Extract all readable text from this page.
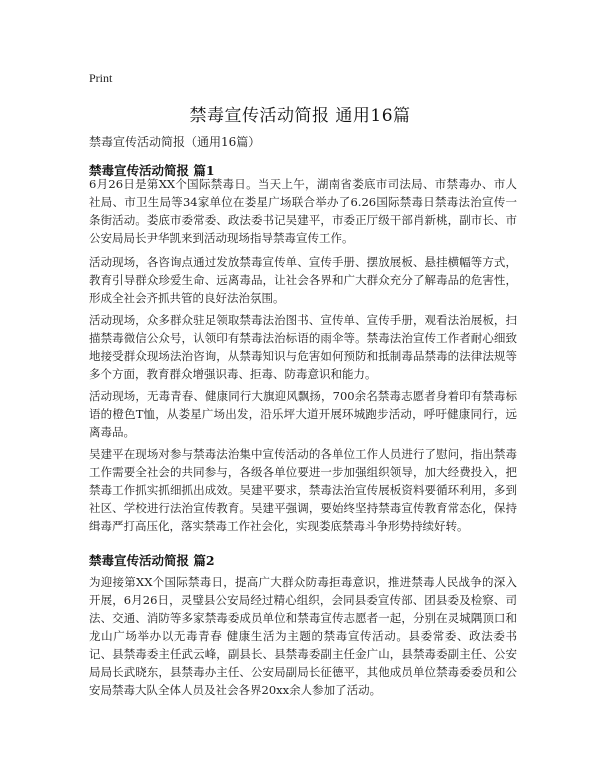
Print
禁毒宣传活动简报 通用16篇
禁毒宣传活动简报（通用16篇）
禁毒宣传活动简报 篇1

6月26日是第XX个国际禁毒日。当天上午，湖南省娄底市司法局、市禁毒办、市人社局、市卫生局等34家单位在娄星广场联合举办了6.26国际禁毒日禁毒法治宣传一条街活动。娄底市委常委、政法委书记吴建平，市委正厅级干部肖新桃，副市长、市公安局局长尹华凯来到活动现场指导禁毒宣传工作。

活动现场，各咨询点通过发放禁毒宣传单、宣传手册、摆放展板、悬挂横幅等方式，教育引导群众珍爱生命、远离毒品，让社会各界和广大群众充分了解毒品的危害性，形成全社会齐抓共管的良好法治氛围。

活动现场，众多群众驻足领取禁毒法治图书、宣传单、宣传手册，观看法治展板，扫描禁毒微信公众号，认领印有禁毒法治标语的雨伞等。禁毒法治宣传工作者耐心细致地接受群众现场法治咨询，从禁毒知识与危害如何预防和抵制毒品禁毒的法律法规等多个方面，教育群众增强识毒、拒毒、防毒意识和能力。

活动现场，无毒青春、健康同行大旗迎风飘扬，700余名禁毒志愿者身着印有禁毒标语的橙色T恤，从娄星广场出发，沿乐坪大道开展环城跑步活动，呼吁健康同行，远离毒品。

吴建平在现场对参与禁毒法治集中宣传活动的各单位工作人员进行了慰问，指出禁毒工作需要全社会的共同参与，各级各单位要进一步加强组织领导，加大经费投入，把禁毒工作抓实抓细抓出成效。吴建平要求，禁毒法治宣传展板资料要循环利用，多到社区、学校进行法治宣传教育。吴建平强调，要始终坚持禁毒宣传教育常态化，保持缉毒严打高压化，落实禁毒工作社会化，实现娄底禁毒斗争形势持续好转。

禁毒宣传活动简报 篇2

为迎接第XX个国际禁毒日，提高广大群众防毒拒毒意识，推进禁毒人民战争的深入开展，6月26日，灵璧县公安局经过精心组织，会同县委宣传部、团县委及检察、司法、交通、消防等多家禁毒委成员单位和禁毒宣传志愿者一起，分别在灵城隅顶口和龙山广场举办以无毒青春 健康生活为主题的禁毒宣传活动。县委常委、政法委书记、县禁毒委主任武云峰，副县长、县禁毒委副主任金广山，县禁毒委副主任、公安局局长武晓东，县禁毒办主任、公安局副局长征德平，其他成员单位禁毒委委员和公安局禁毒大队全体人员及社会各界20xx余人参加了活动。
